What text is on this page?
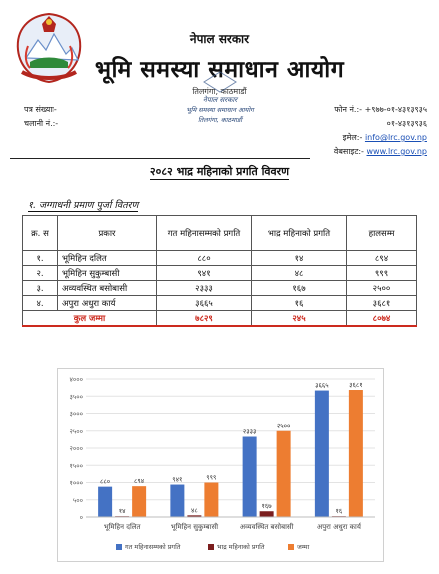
नेपाल सरकार
भूमि समस्या समाधान आयोग
तिलगंगा, काठमाडौं
नेपाल सरकार
भूमि समस्या समाधान आयोग
तिलगंगा, काठमाडौं
पत्र संख्याः-
चलानी नं.:-
फोन नं.:- +९७७-०१-४३१३९३५
०१-४३१३९३६
इमेल:- info@lrc.gov.np
वेबसाइट:- www.lrc.gov.np
२०८२ भाद्र महिनाको प्रगति विवरण
१. जग्गाधनी प्रमाण पुर्जा वितरण
क्र. स	प्रकार	गत महिनासम्मको प्रगति	भाद्र महिनाको प्रगति	हालसम्म
१.	भूमिहिन दलित	८८०	१४	८९४
२.	भूमिहिन सुकुम्बासी	९४१	४८	९९९
३.	अव्यवस्थित बसोबासी	२३३३	१६७	२५००
४.	अपुरा अधुरा कार्य	३६६५	१६	३६८१
कुल जम्मा		७८२९	२४५	८०७४
०
५००
१०००
१५००
२०००
२५००
३०००
३५००
४०००
८८०
१४
८९४
भूमिहिन दलित
९४१
४८
९९९
भूमिहिन सुकुम्बासी
२३३३
१६७
२५००
अव्यवस्थित बसोबासी
३६६५
१६
३६८१
अपुरा अधुरा कार्य
गत महिनासम्मको प्रगति	भाद्र महिनाको प्रगति	जम्मा
